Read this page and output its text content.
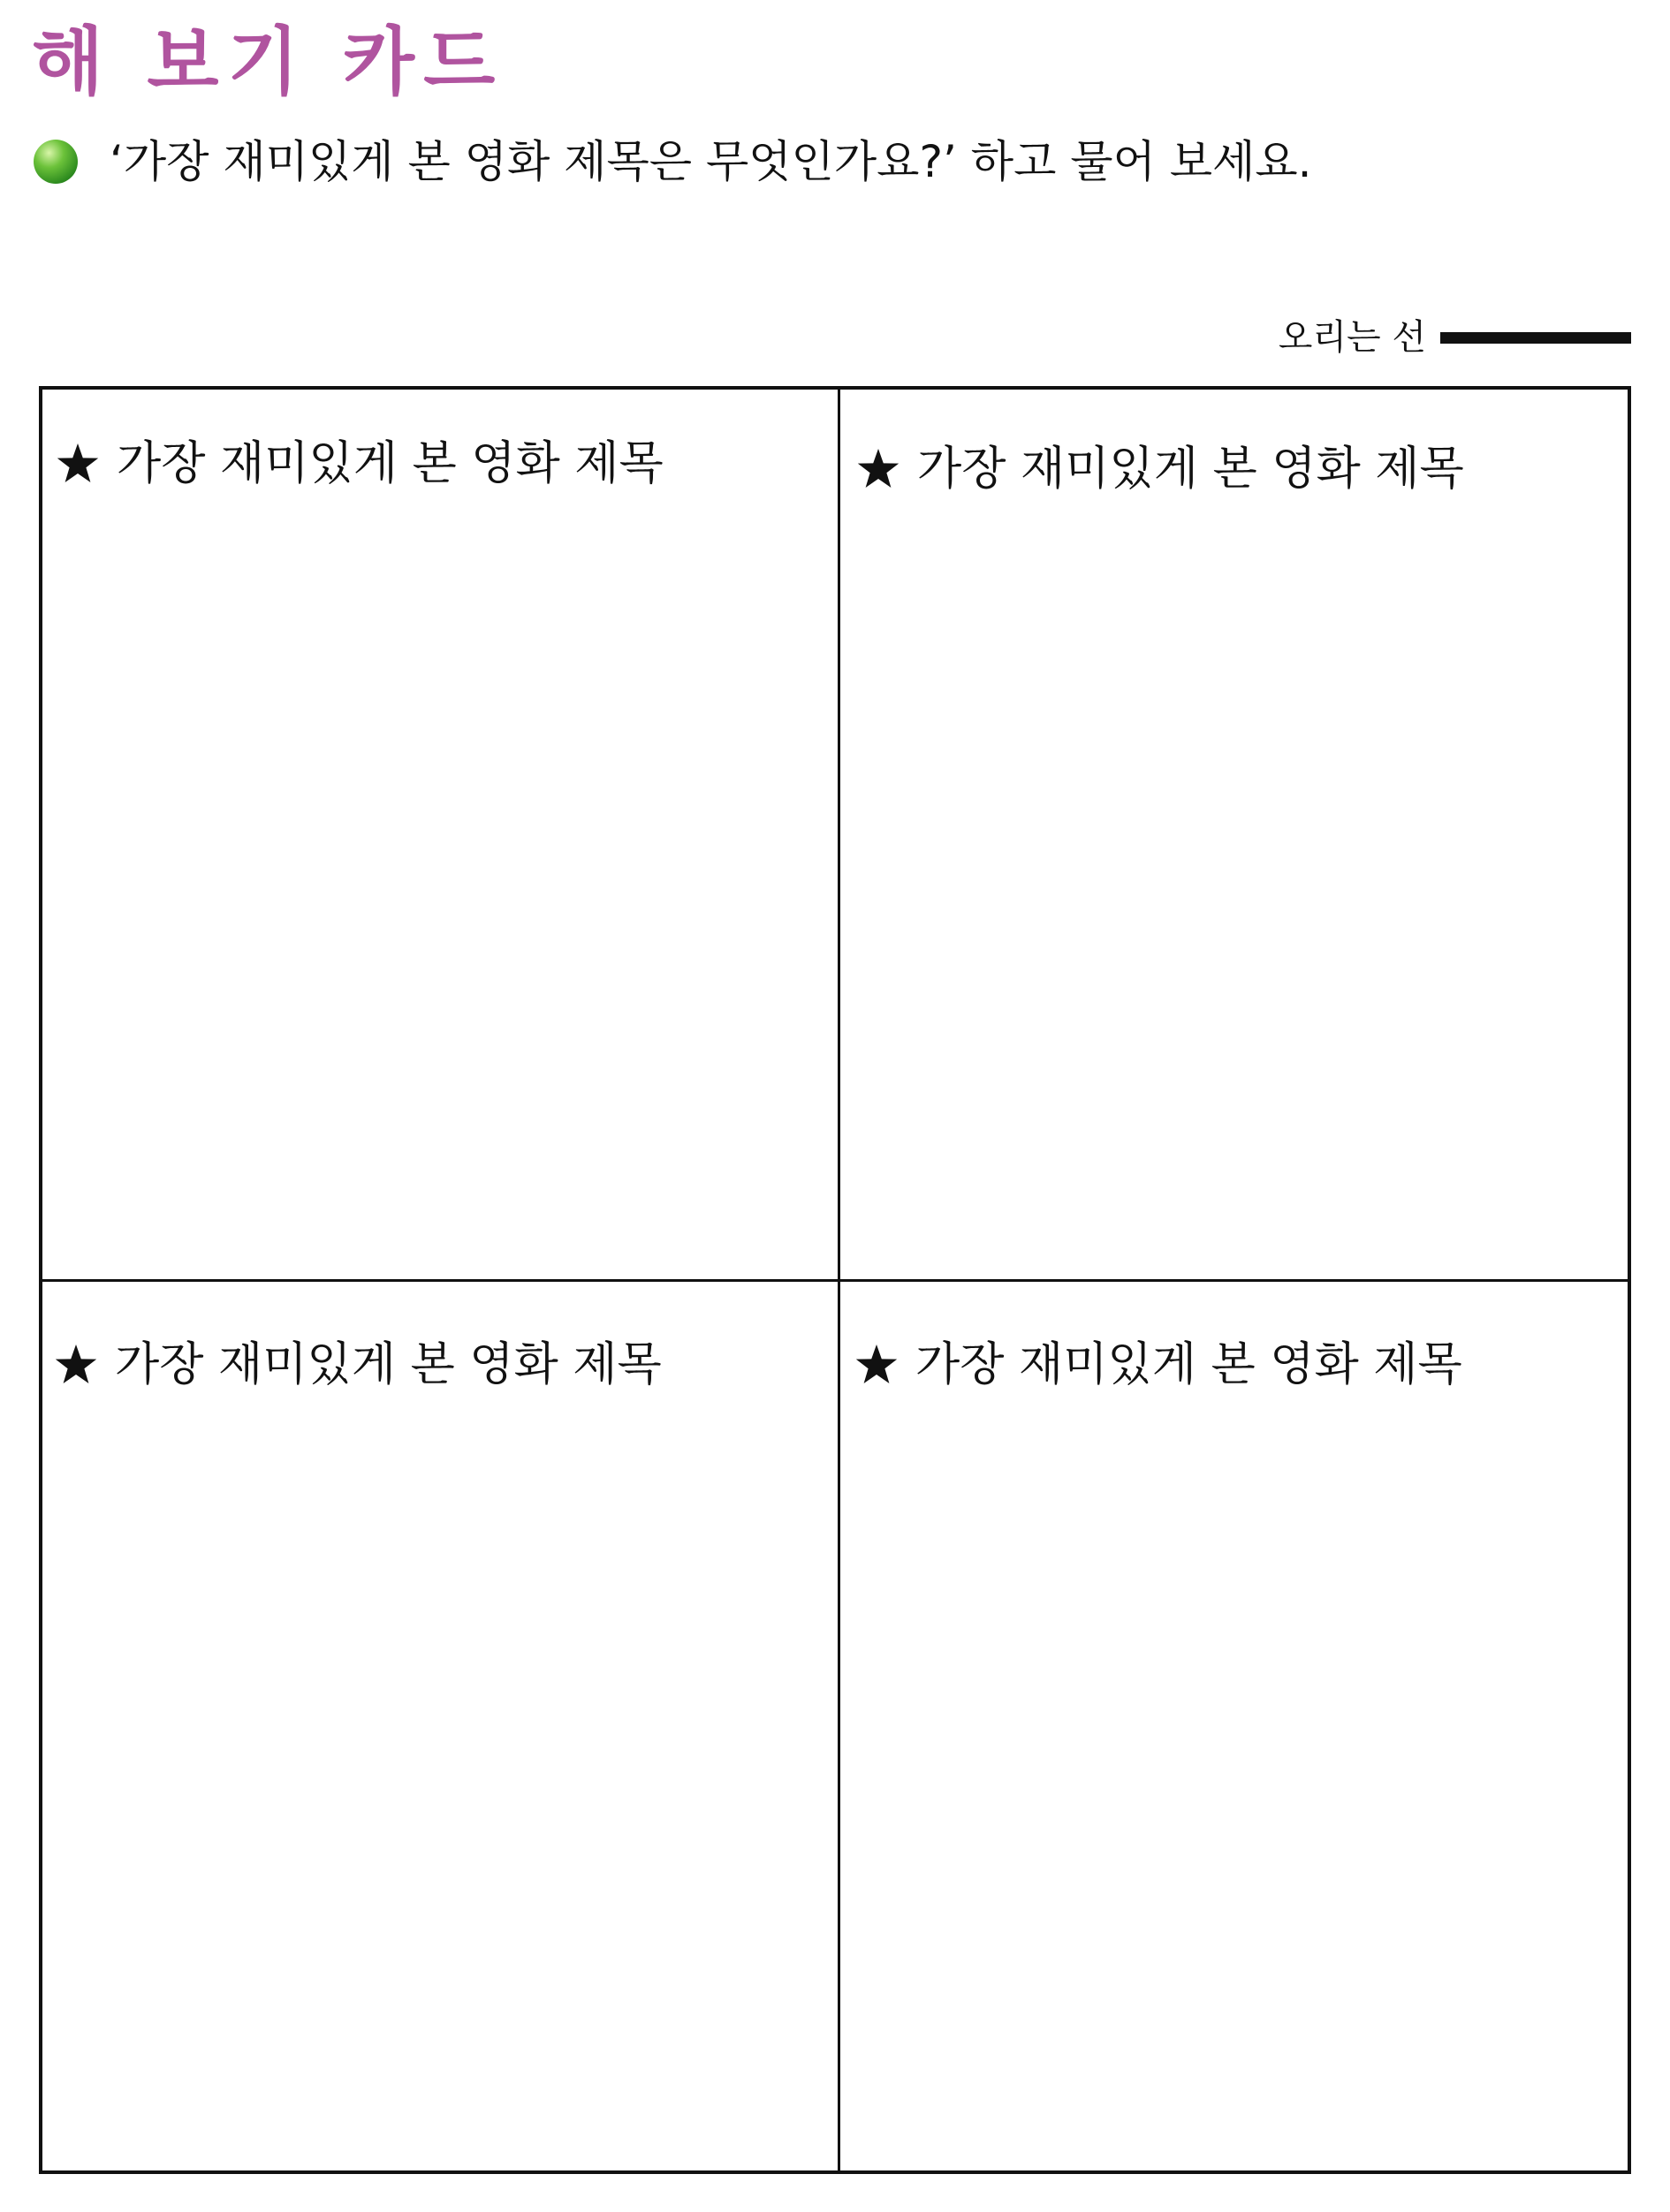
해 보기 카드
‘가장 재미있게 본 영화 제목은 무엇인가요?’ 하고 물어 보세요.
오리는 선
가장 재미있게 본 영화 제목	가장 재미있게 본 영화 제목
가장 재미있게 본 영화 제목	가장 재미있게 본 영화 제목
